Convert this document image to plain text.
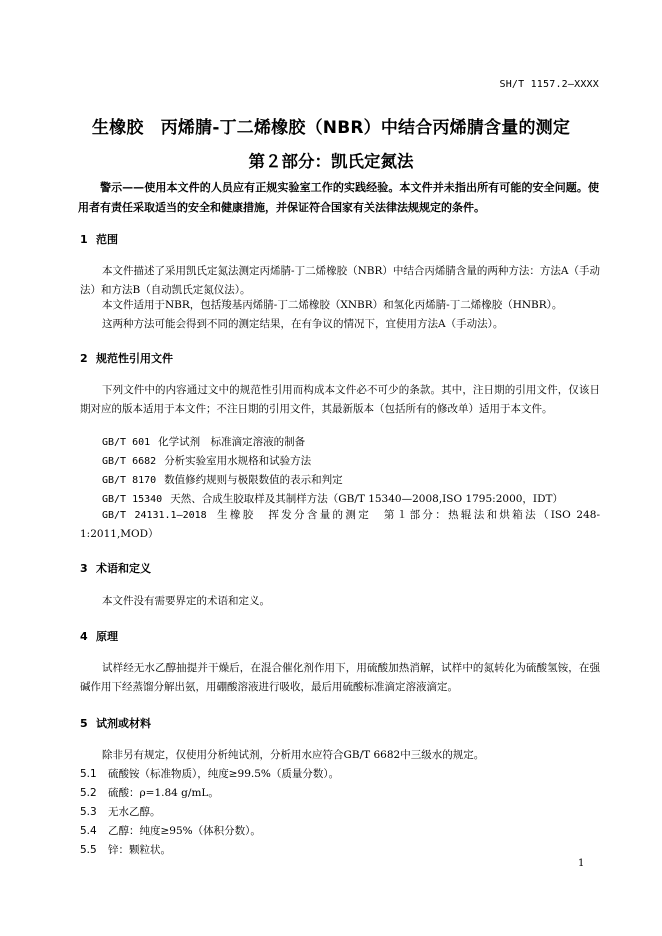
SH/T 1157.2—XXXX
生橡胶　丙烯腈-丁二烯橡胶（NBR）中结合丙烯腈含量的测定
第２部分：凯氏定氮法
警示——使用本文件的人员应有正规实验室工作的实践经验。本文件并未指出所有可能的安全问题。使用者有责任采取适当的安全和健康措施，并保证符合国家有关法律法规规定的条件。
1 范围
本文件描述了采用凯氏定氮法测定丙烯腈-丁二烯橡胶（NBR）中结合丙烯腈含量的两种方法：方法A（手动法）和方法B（自动凯氏定氮仪法）。
本文件适用于NBR，包括羧基丙烯腈-丁二烯橡胶（XNBR）和氢化丙烯腈-丁二烯橡胶（HNBR）。
这两种方法可能会得到不同的测定结果，在有争议的情况下，宜使用方法A（手动法）。
2 规范性引用文件
下列文件中的内容通过文中的规范性引用而构成本文件必不可少的条款。其中，注日期的引用文件，仅该日期对应的版本适用于本文件；不注日期的引用文件，其最新版本（包括所有的修改单）适用于本文件。
GB/T 601 化学试剂　标准滴定溶液的制备
GB/T 6682 分析实验室用水规格和试验方法
GB/T 8170 数值修约规则与极限数值的表示和判定
GB/T 15340 天然、合成生胶取样及其制样方法（GB/T 15340—2008,ISO 1795:2000，IDT）
GB/T 24131.1—2018 生橡胶　挥发分含量的测定　第１部分：热辊法和烘箱法（ISO 248-1:2011,MOD）
3 术语和定义
本文件没有需要界定的术语和定义。
4 原理
试样经无水乙醇抽提并干燥后，在混合催化剂作用下，用硫酸加热消解，试样中的氮转化为硫酸氢铵，在强碱作用下经蒸馏分解出氨，用硼酸溶液进行吸收，最后用硫酸标准滴定溶液滴定。
5 试剂或材料
除非另有规定，仅使用分析纯试剂，分析用水应符合GB/T 6682中三级水的规定。
5.1 硫酸铵（标准物质），纯度≥99.5%（质量分数）。
5.2 硫酸：ρ=1.84 g/mL。
5.3 无水乙醇。
5.4 乙醇：纯度≥95%（体积分数）。
5.5 锌：颗粒状。
1
